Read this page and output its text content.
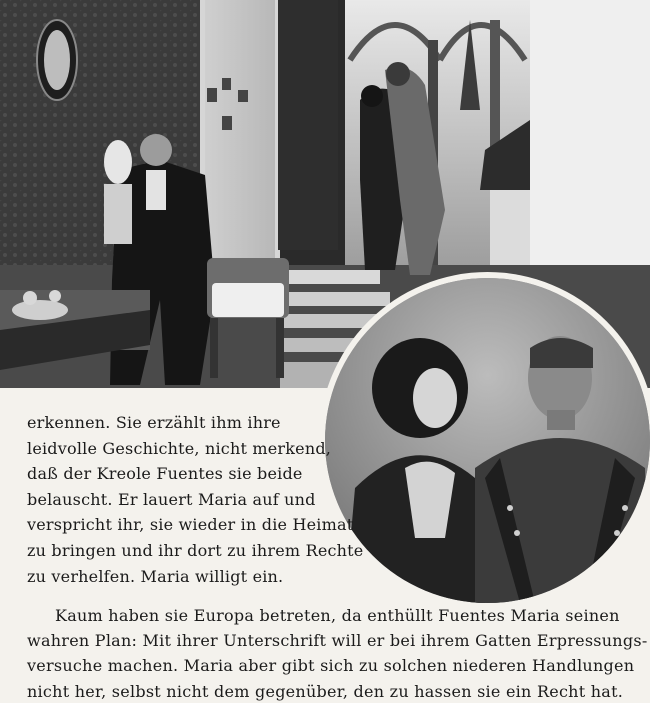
erkennen. Sie erzählt ihm ihre
leidvolle Geschichte, nicht merkend,
daß der Kreole Fuentes sie beide
belauscht. Er lauert Maria auf und
verspricht ihr, sie wieder in die Heimat
zu bringen und ihr dort zu ihrem Rechte
zu verhelfen. Maria willigt ein.
Kaum haben sie Europa betreten, da enthüllt Fuentes Maria seinen
wahren Plan: Mit ihrer Unterschrift will er bei ihrem Gatten Erpressungs-
versuche machen. Maria aber gibt sich zu solchen niederen Handlungen
nicht her, selbst nicht dem gegenüber, den zu hassen sie ein Recht hat.
